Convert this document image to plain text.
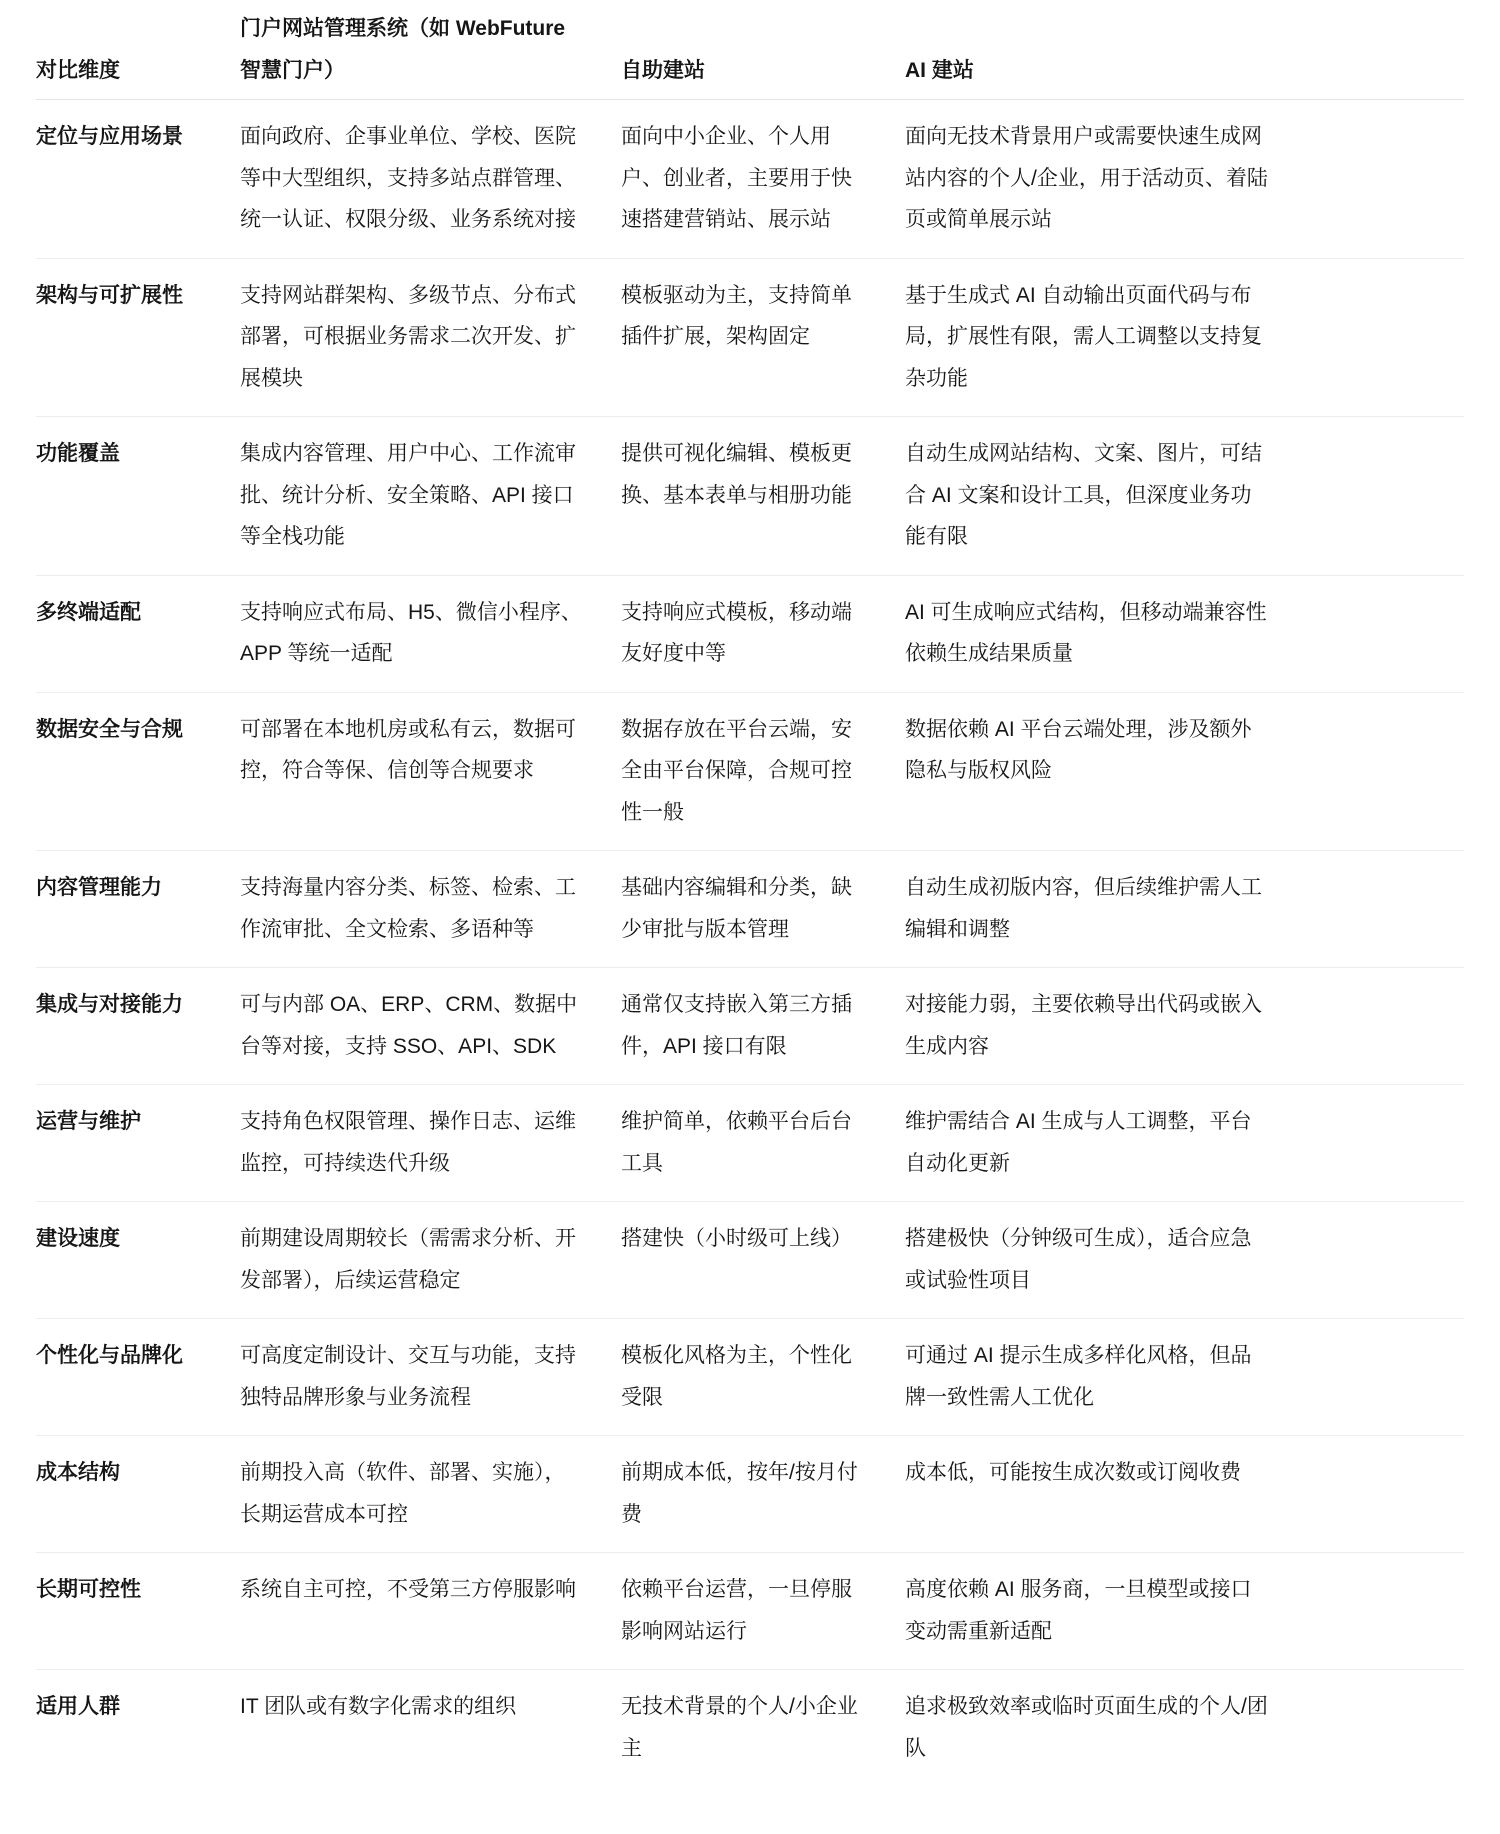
对比维度	门户网站管理系统（如 WebFuture 智慧门户）	自助建站	AI 建站
定位与应用场景	面向政府、企事业单位、学校、医院等中大型组织，支持多站点群管理、统一认证、权限分级、业务系统对接	面向中小企业、个人用户、创业者，主要用于快速搭建营销站、展示站	面向无技术背景用户或需要快速生成网站内容的个人/企业，用于活动页、着陆页或简单展示站
架构与可扩展性	支持网站群架构、多级节点、分布式部署，可根据业务需求二次开发、扩展模块	模板驱动为主，支持简单插件扩展，架构固定	基于生成式 AI 自动输出页面代码与布局，扩展性有限，需人工调整以支持复杂功能
功能覆盖	集成内容管理、用户中心、工作流审批、统计分析、安全策略、API 接口等全栈功能	提供可视化编辑、模板更换、基本表单与相册功能	自动生成网站结构、文案、图片，可结合 AI 文案和设计工具，但深度业务功能有限
多终端适配	支持响应式布局、H5、微信小程序、APP 等统一适配	支持响应式模板，移动端友好度中等	AI 可生成响应式结构，但移动端兼容性依赖生成结果质量
数据安全与合规	可部署在本地机房或私有云，数据可控，符合等保、信创等合规要求	数据存放在平台云端，安全由平台保障，合规可控性一般	数据依赖 AI 平台云端处理，涉及额外隐私与版权风险
内容管理能力	支持海量内容分类、标签、检索、工作流审批、全文检索、多语种等	基础内容编辑和分类，缺少审批与版本管理	自动生成初版内容，但后续维护需人工编辑和调整
集成与对接能力	可与内部 OA、ERP、CRM、数据中台等对接，支持 SSO、API、SDK	通常仅支持嵌入第三方插件，API 接口有限	对接能力弱，主要依赖导出代码或嵌入生成内容
运营与维护	支持角色权限管理、操作日志、运维监控，可持续迭代升级	维护简单，依赖平台后台工具	维护需结合 AI 生成与人工调整，平台自动化更新
建设速度	前期建设周期较长（需需求分析、开发部署），后续运营稳定	搭建快（小时级可上线）	搭建极快（分钟级可生成），适合应急或试验性项目
个性化与品牌化	可高度定制设计、交互与功能，支持独特品牌形象与业务流程	模板化风格为主，个性化受限	可通过 AI 提示生成多样化风格，但品牌一致性需人工优化
成本结构	前期投入高（软件、部署、实施），长期运营成本可控	前期成本低，按年/按月付费	成本低，可能按生成次数或订阅收费
长期可控性	系统自主可控，不受第三方停服影响	依赖平台运营，一旦停服影响网站运行	高度依赖 AI 服务商，一旦模型或接口变动需重新适配
适用人群	IT 团队或有数字化需求的组织	无技术背景的个人/小企业主	追求极致效率或临时页面生成的个人/团队
